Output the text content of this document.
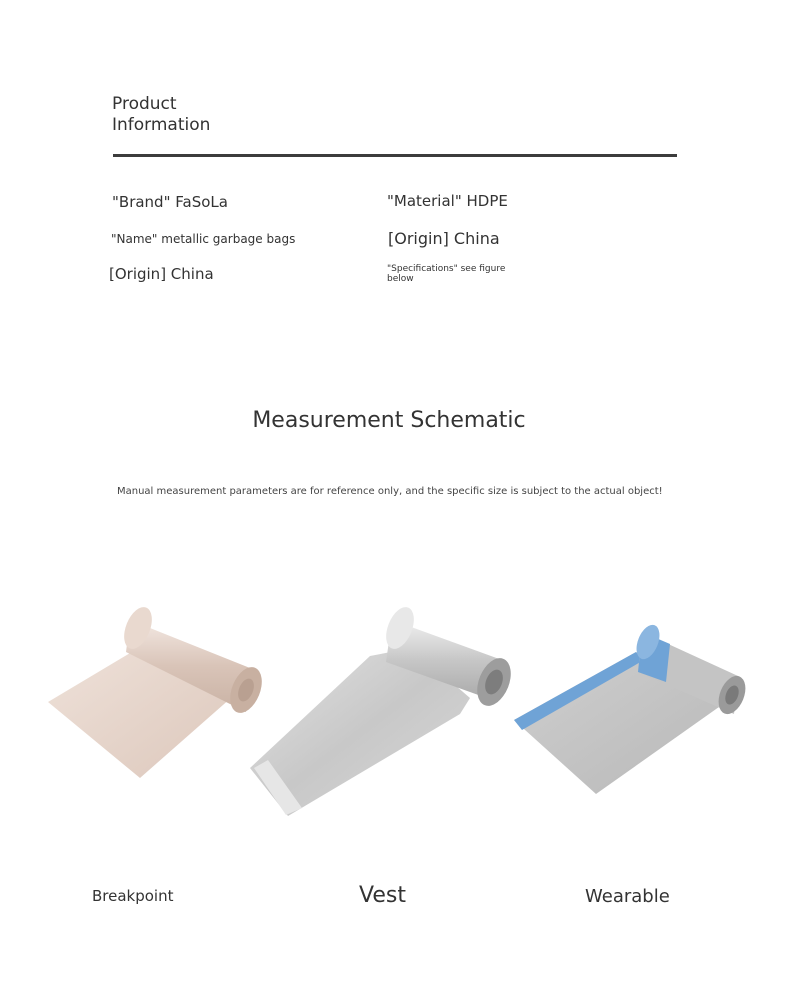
Product Information
"Brand" FaSoLa
"Name" metallic garbage bags
[Origin] China
"Material" HDPE
[Origin] China
"Specifications" see figure below
Measurement Schematic
Manual measurement parameters are for reference only, and the specific size is subject to the actual object!
Breakpoint	Vest	Wearable
